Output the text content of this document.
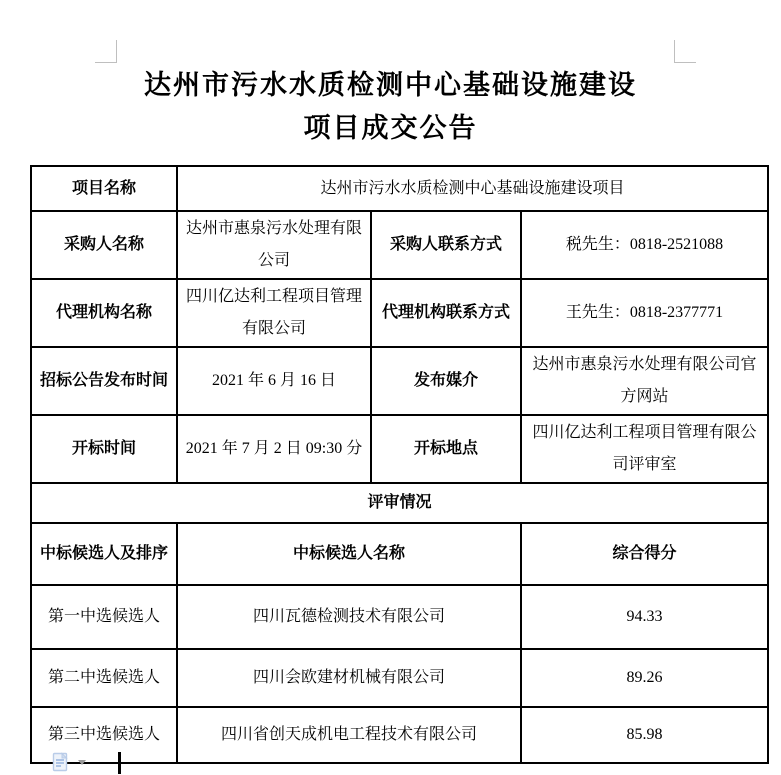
达州市污水水质检测中心基础设施建设
项目成交公告
项目名称	达州市污水水质检测中心基础设施建设项目		
采购人名称	达州市惠泉污水处理有限公司	采购人联系方式	税先生：0818-2521088
代理机构名称	四川亿达利工程项目管理有限公司	代理机构联系方式	王先生：0818-2377771
招标公告发布时间	2021 年 6 月 16 日	发布媒介	达州市惠泉污水处理有限公司官方网站
开标时间	2021 年 7 月 2 日 09:30 分	开标地点	四川亿达利工程项目管理有限公司评审室
评审情况			
中标候选人及排序	中标候选人名称		综合得分
第一中选候选人	四川瓦德检测技术有限公司		94.33
第二中选候选人	四川会欧建材机械有限公司		89.26
第三中选候选人	四川省创天成机电工程技术有限公司		85.98
